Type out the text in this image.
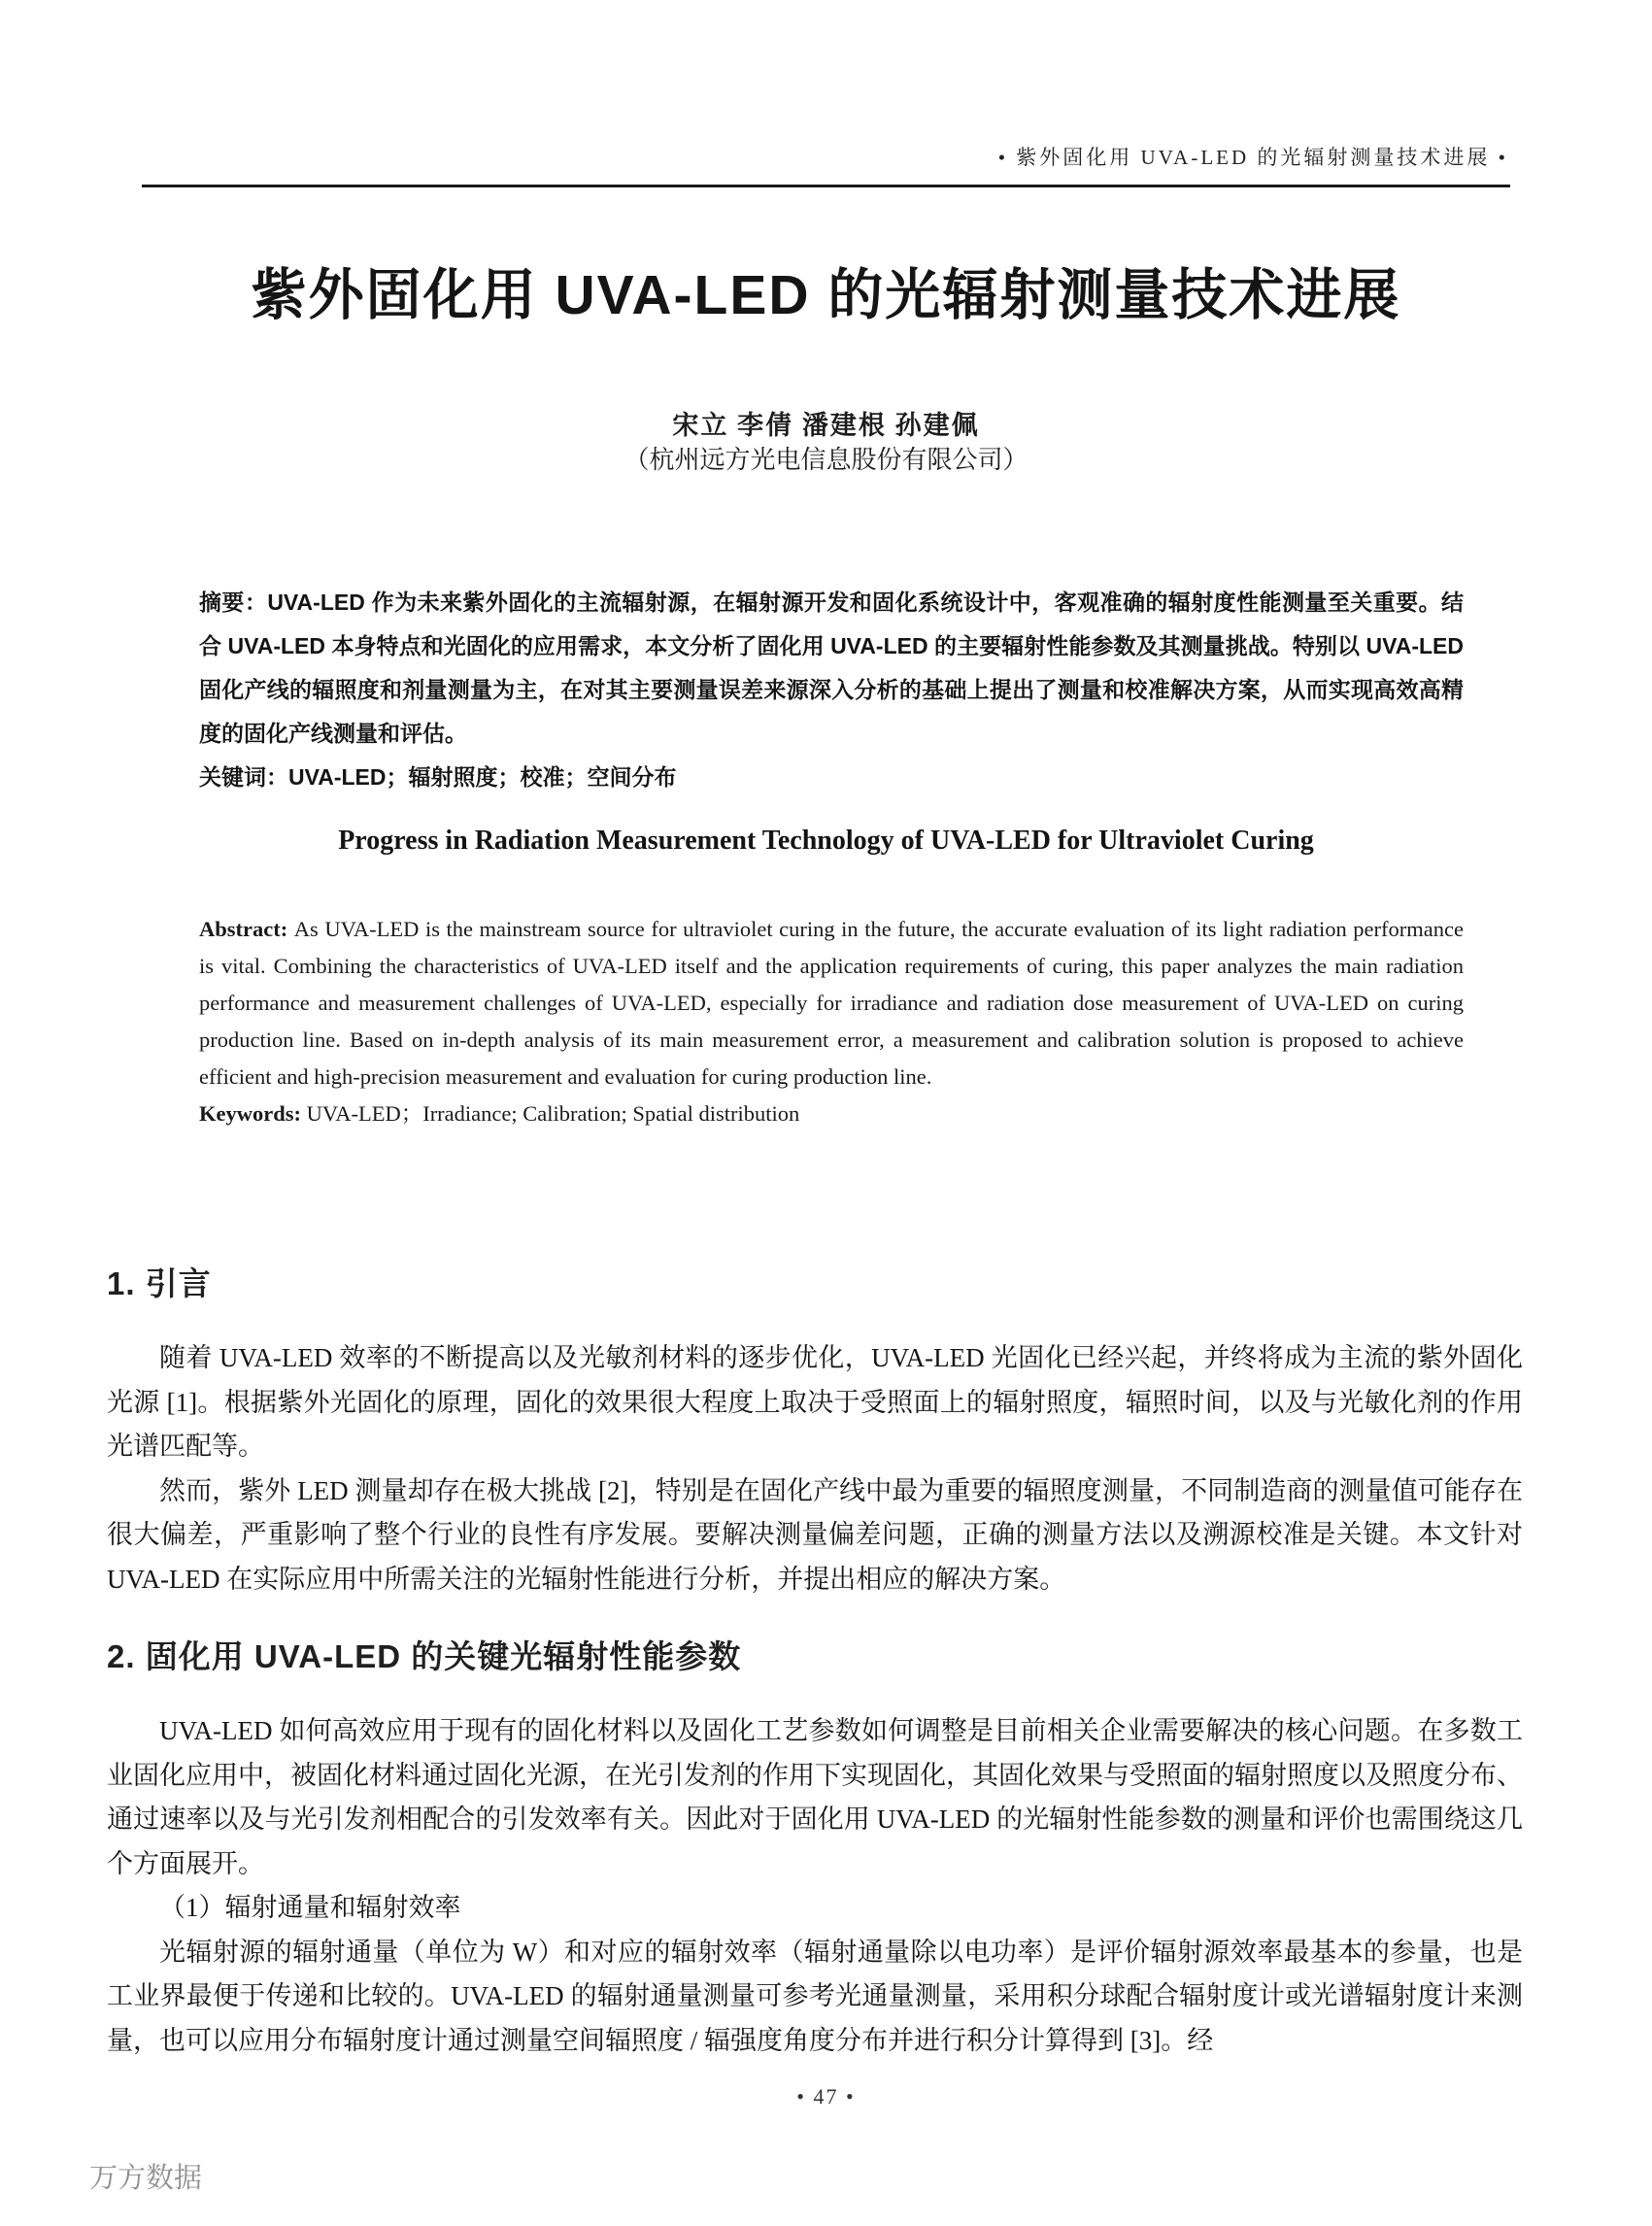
• 紫外固化用 UVA-LED 的光辐射测量技术进展 •
紫外固化用 UVA-LED 的光辐射测量技术进展
宋立 李倩 潘建根 孙建佩
（杭州远方光电信息股份有限公司）

摘要：UVA-LED 作为未来紫外固化的主流辐射源，在辐射源开发和固化系统设计中，客观准确的辐射度性能测量至关重要。结合 UVA-LED 本身特点和光固化的应用需求，本文分析了固化用 UVA-LED 的主要辐射性能参数及其测量挑战。特别以 UVA-LED 固化产线的辐照度和剂量测量为主，在对其主要测量误差来源深入分析的基础上提出了测量和校准解决方案，从而实现高效高精度的固化产线测量和评估。

关键词：UVA-LED；辐射照度；校准；空间分布

Progress in Radiation Measurement Technology of UVA-LED for Ultraviolet Curing

Abstract: As UVA-LED is the mainstream source for ultraviolet curing in the future, the accurate evaluation of its light radiation performance is vital. Combining the characteristics of UVA-LED itself and the application requirements of curing, this paper analyzes the main radiation performance and measurement challenges of UVA-LED, especially for irradiance and radiation dose measurement of UVA-LED on curing production line. Based on in-depth analysis of its main measurement error, a measurement and calibration solution is proposed to achieve efficient and high-precision measurement and evaluation for curing production line.

Keywords: UVA-LED；Irradiance; Calibration; Spatial distribution

1. 引言

随着 UVA-LED 效率的不断提高以及光敏剂材料的逐步优化，UVA-LED 光固化已经兴起，并终将成为主流的紫外固化光源 [1]。根据紫外光固化的原理，固化的效果很大程度上取决于受照面上的辐射照度，辐照时间，以及与光敏化剂的作用光谱匹配等。

然而，紫外 LED 测量却存在极大挑战 [2]，特别是在固化产线中最为重要的辐照度测量，不同制造商的测量值可能存在很大偏差，严重影响了整个行业的良性有序发展。要解决测量偏差问题，正确的测量方法以及溯源校准是关键。本文针对 UVA-LED 在实际应用中所需关注的光辐射性能进行分析，并提出相应的解决方案。

2. 固化用 UVA-LED 的关键光辐射性能参数

UVA-LED 如何高效应用于现有的固化材料以及固化工艺参数如何调整是目前相关企业需要解决的核心问题。在多数工业固化应用中，被固化材料通过固化光源，在光引发剂的作用下实现固化，其固化效果与受照面的辐射照度以及照度分布、通过速率以及与光引发剂相配合的引发效率有关。因此对于固化用 UVA-LED 的光辐射性能参数的测量和评价也需围绕这几个方面展开。

（1）辐射通量和辐射效率

光辐射源的辐射通量（单位为 W）和对应的辐射效率（辐射通量除以电功率）是评价辐射源效率最基本的参量，也是工业界最便于传递和比较的。UVA-LED 的辐射通量测量可参考光通量测量，采用积分球配合辐射度计或光谱辐射度计来测量，也可以应用分布辐射度计通过测量空间辐照度 / 辐强度角度分布并进行积分计算得到 [3]。经

• 47 •
万方数据
